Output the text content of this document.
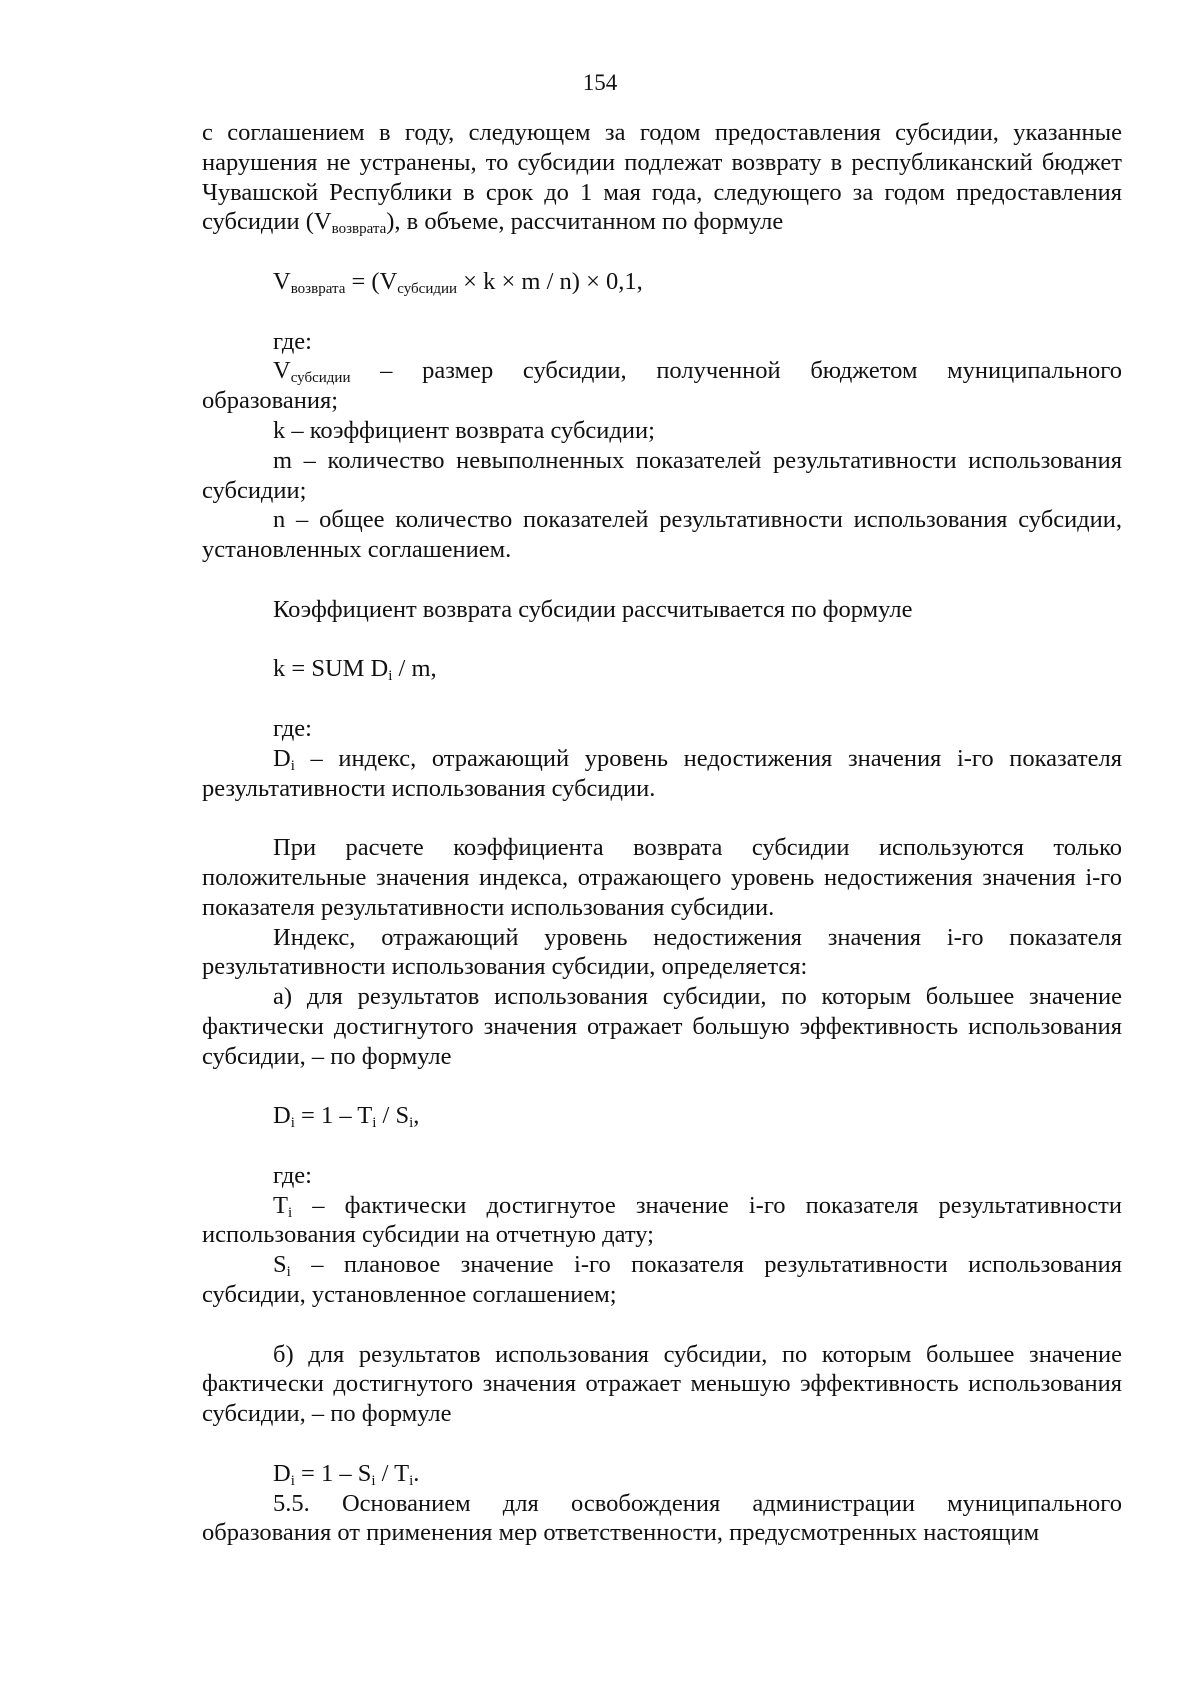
154

с соглашением в году, следующем за годом предоставления субсидии, указанные нарушения не устранены, то субсидии подлежат возврату в республиканский бюджет Чувашской Республики в срок до 1 мая года, следующего за годом предоставления субсидии $(V_{возврата})$, в объеме, рассчитанном по формуле

$V_{возврата} = (V_{субсидии} \times k \times m / n) \times 0,1$,

где:

$V_{субсидии}$ – размер субсидии, полученной бюджетом муниципального образования;

k – коэффициент возврата субсидии;

m – количество невыполненных показателей результативности использования субсидии;

n – общее количество показателей результативности использования субсидии, установленных соглашением.

Коэффициент возврата субсидии рассчитывается по формуле

k = SUM $D_i$ / m,

где:

$D_i$ – индекс, отражающий уровень недостижения значения i-го показателя результативности использования субсидии.

При расчете коэффициента возврата субсидии используются только положительные значения индекса, отражающего уровень недостижения значения i-го показателя результативности использования субсидии.

Индекс, отражающий уровень недостижения значения i-го показателя результативности использования субсидии, определяется:

а) для результатов использования субсидии, по которым большее значение фактически достигнутого значения отражает большую эффективность использования субсидии, – по формуле

$D_i = 1 - T_i / S_i$,

где:

$T_i$ – фактически достигнутое значение i-го показателя результативности использования субсидии на отчетную дату;

$S_i$ – плановое значение i-го показателя результативности использования субсидии, установленное соглашением;

б) для результатов использования субсидии, по которым большее значение фактически достигнутого значения отражает меньшую эффективность использования субсидии, – по формуле

$D_i = 1 - S_i / T_i$.

5.5. Основанием для освобождения администрации муниципального образования от применения мер ответственности, предусмотренных настоящим
